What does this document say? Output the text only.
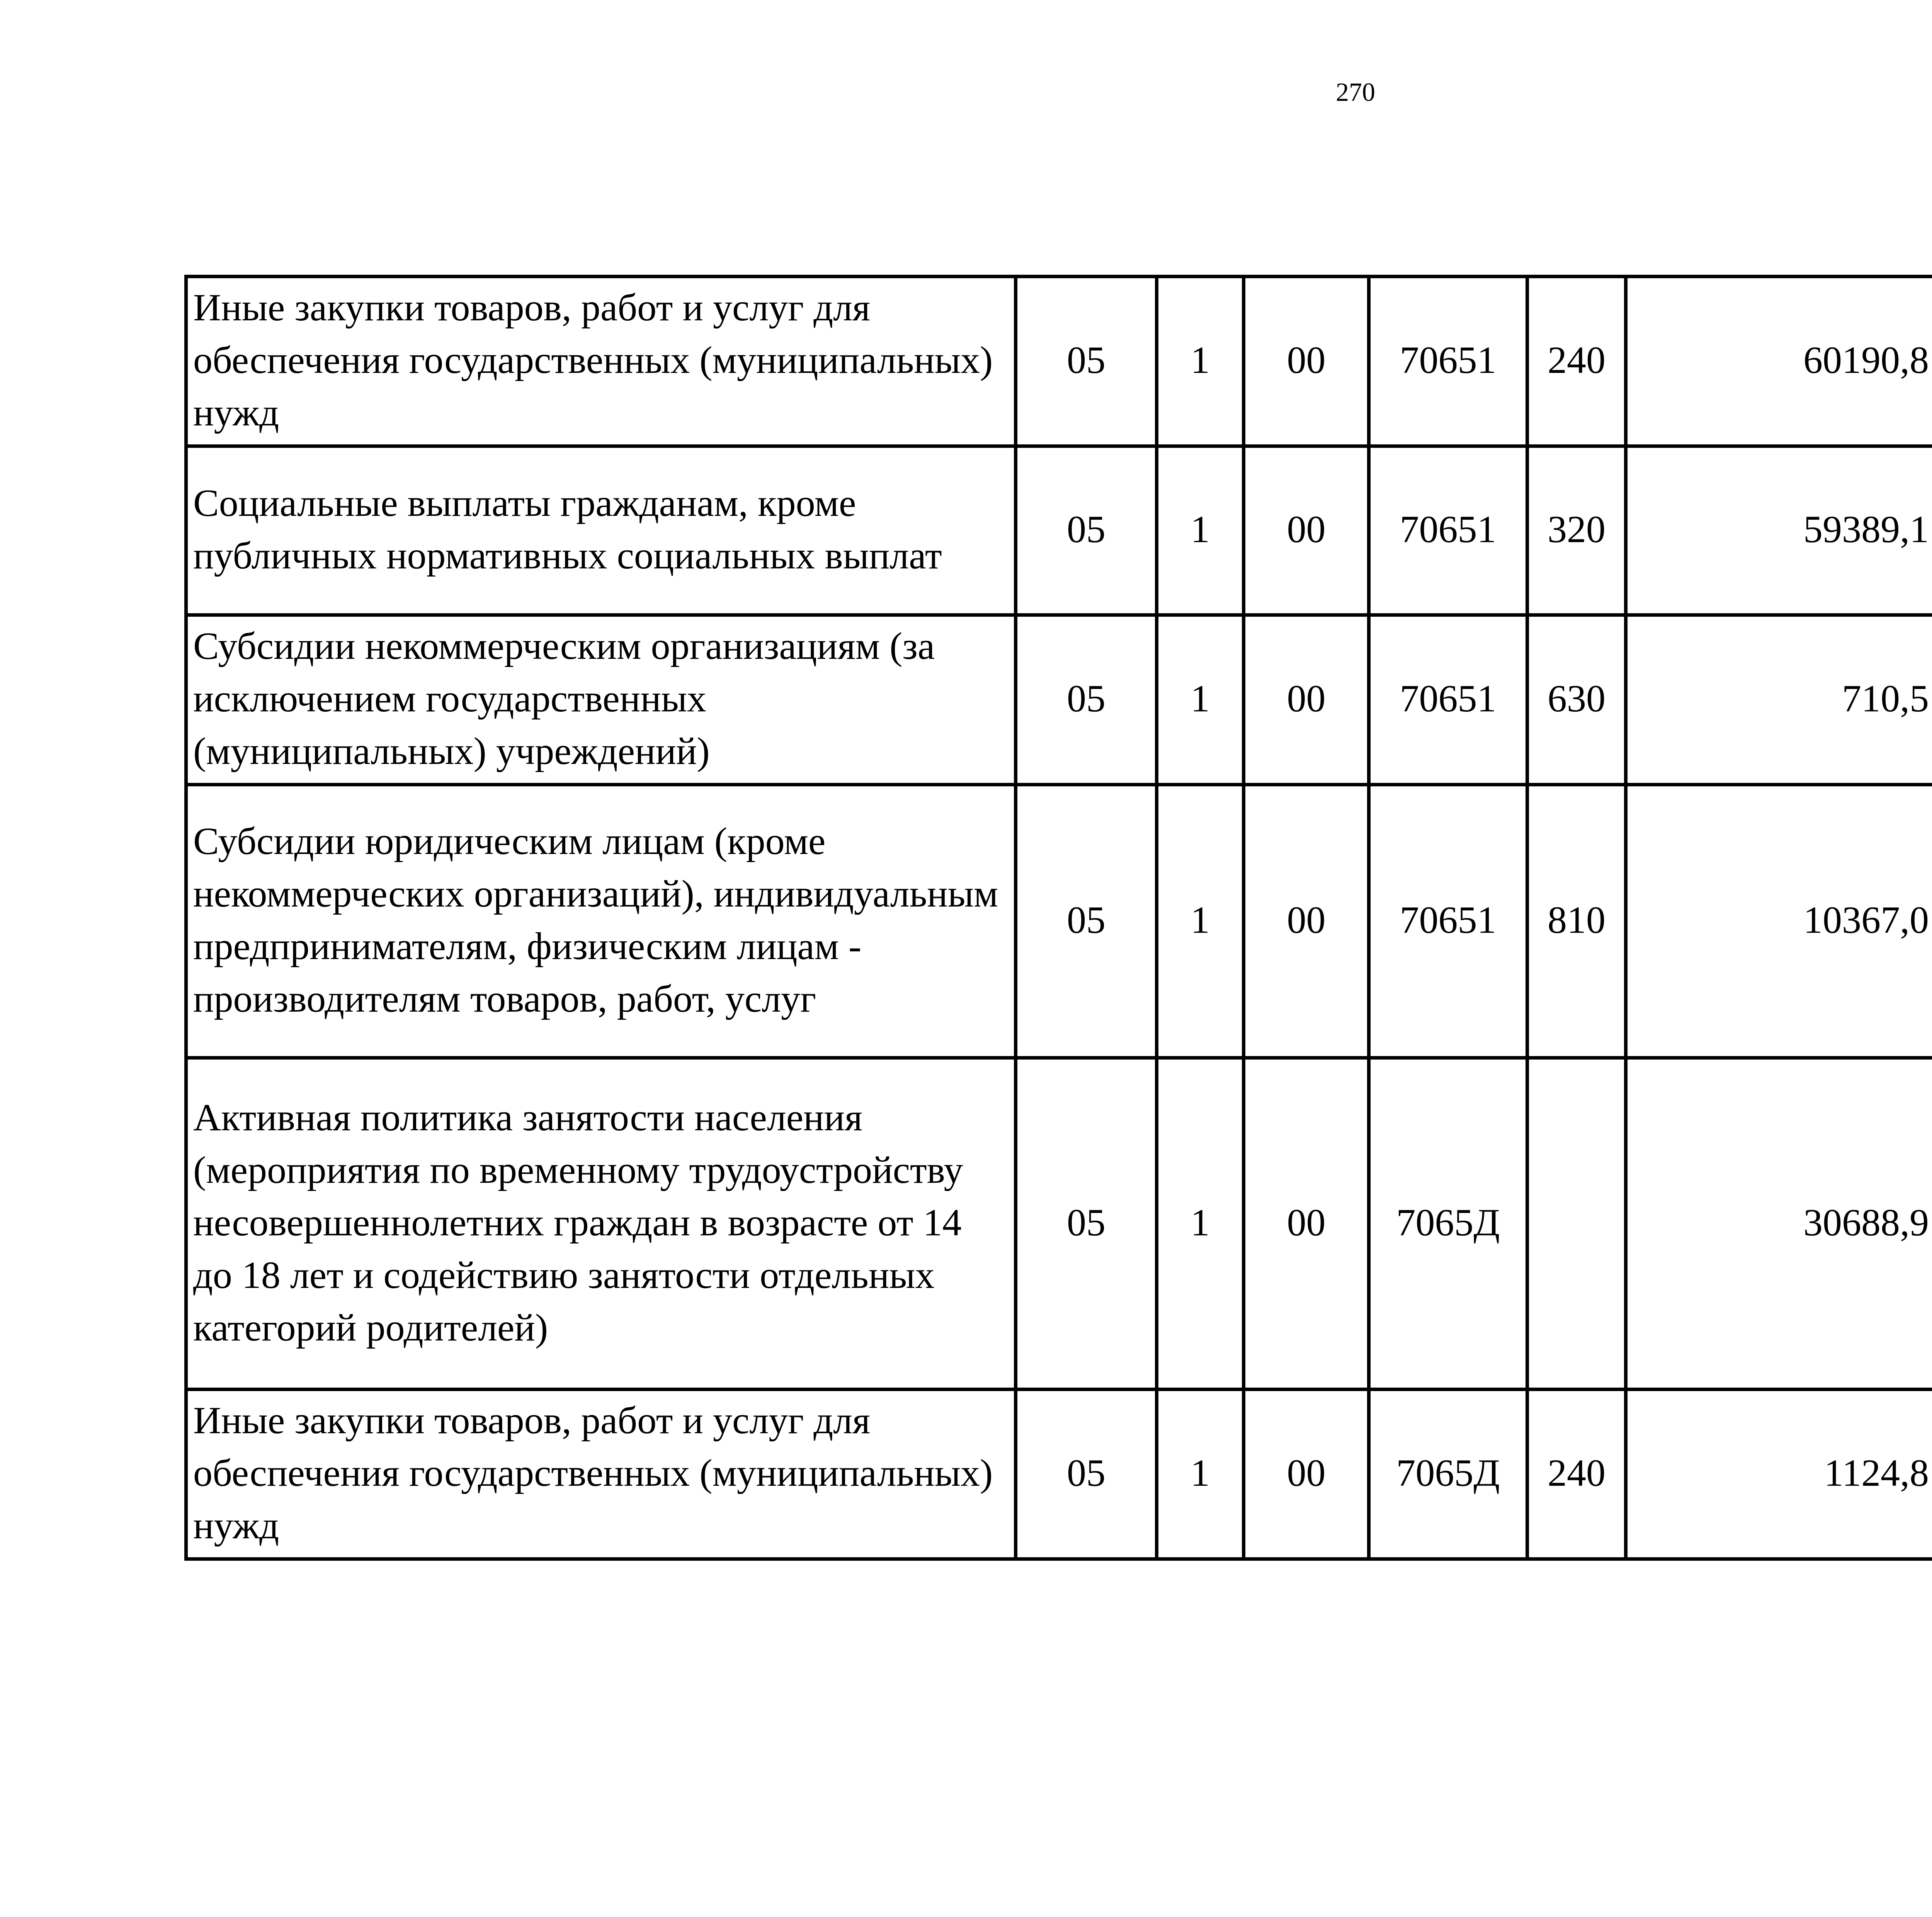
270
Иные закупки товаров, работ и услуг для обеспечения государственных (муниципальных) нужд	05	1	00	70651	240	60190,8		
Социальные выплаты гражданам, кроме публичных нормативных социальных выплат	05	1	00	70651	320	59389,1		
Субсидии некоммерческим организациям (за исключением государственных (муниципальных) учреждений)	05	1	00	70651	630	710,5		
Субсидии юридическим лицам (кроме некоммерческих организаций), индивидуальным предпринимателям, физическим лицам - производителям товаров, работ, услуг	05	1	00	70651	810	10367,0		
Активная политика занятости населения (мероприятия по временному трудоустройству несовершеннолетних граждан в возрасте от 14 до 18 лет и содействию занятости отдельных категорий родителей)	05	1	00	7065Д		30688,9		
Иные закупки товаров, работ и услуг для обеспечения государственных (муниципальных) нужд	05	1	00	7065Д	240	1124,8		
